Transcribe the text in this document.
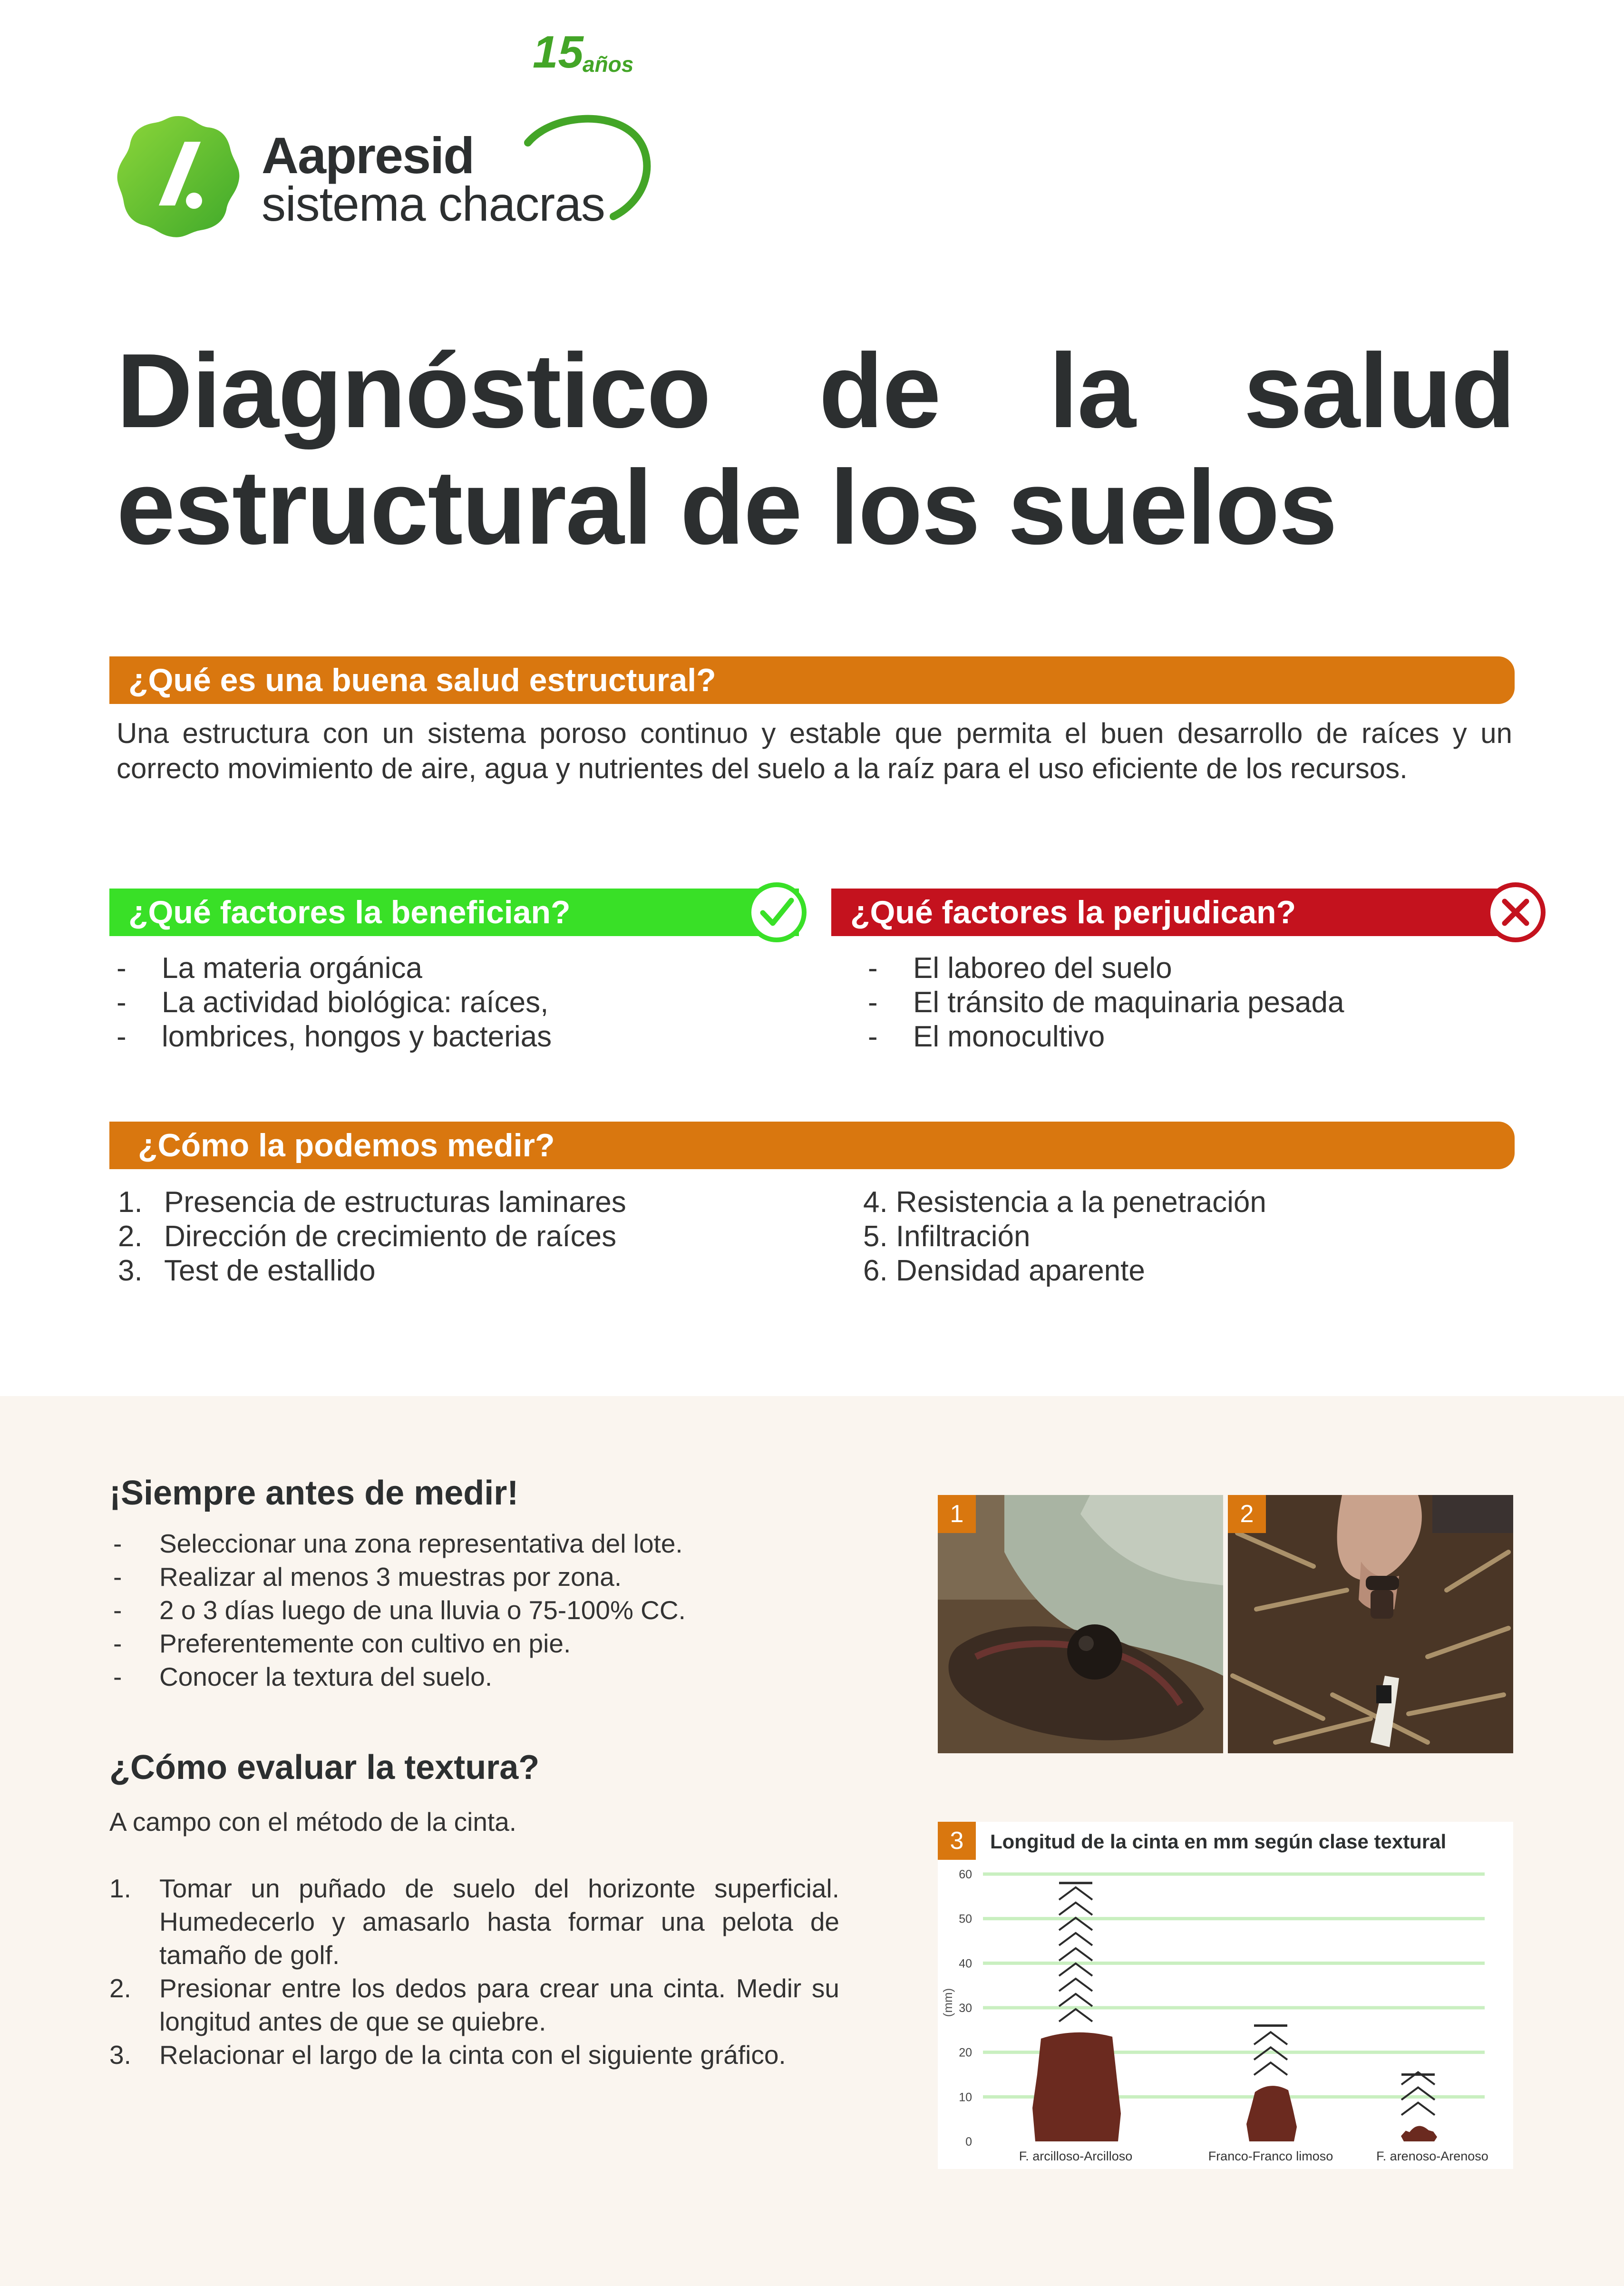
Aapresid
sistema chacras
15
años
Diagnóstico de la salud
estructural de los suelos
¿Qué es una buena salud estructural?
Una estructura con un sistema poroso continuo y estable que permita el buen desarrollo de raíces y un correcto movimiento de aire, agua y nutrientes del suelo a la raíz para el uso eficiente de los recursos.
¿Qué factores la benefician?
- La materia orgánica
- La actividad biológica: raíces,
- lombrices, hongos y bacterias
¿Qué factores la perjudican?
- El laboreo del suelo
- El tránsito de maquinaria pesada
- El monocultivo
¿Cómo la podemos medir?
1. Presencia de estructuras laminares
2. Dirección de crecimiento de raíces
3. Test de estallido
4. Resistencia a la penetración
5. Infiltración
6. Densidad aparente
¡Siempre antes de medir!
- Seleccionar una zona representativa del lote.
- Realizar al menos 3 muestras por zona.
- 2 o 3 días luego de una lluvia o 75-100% CC.
- Preferentemente con cultivo en pie.
- Conocer la textura del suelo.
¿Cómo evaluar la textura?
A campo con el método de la cinta.
1. Tomar un puñado de suelo del horizonte superficial. Humedecerlo y amasarlo hasta formar una pelota de tamaño de golf.
2. Presionar entre los dedos para crear una cinta. Medir su longitud antes de que se quiebre.
3. Relacionar el largo de la cinta con el siguiente gráfico.
1	2
3	Longitud de la cinta en mm según clase textural
(mm)
0
10
20
30
40
50
60
F. arcilloso-Arcilloso	Franco-Franco limoso	F. arenoso-Arenoso
